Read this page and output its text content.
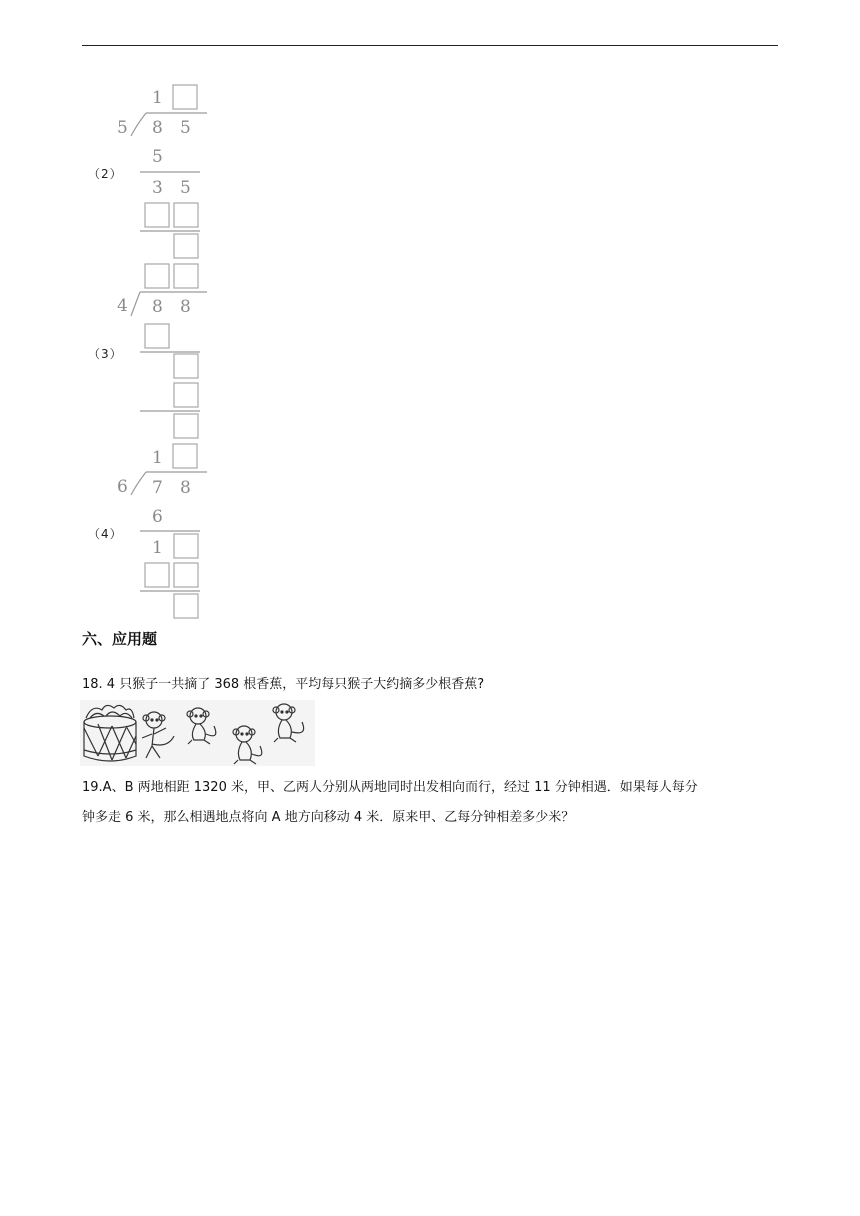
（2）
（3）
（4）
1
5 8 5
5
3 5
4 8 8
1
6 7 8
6
1
六、应用题
18. 4 只猴子一共摘了 368 根香蕉，平均每只猴子大约摘多少根香蕉?

19.A、B 两地相距 1320 米，甲、乙两人分别从两地同时出发相向而行，经过 11 分钟相遇．如果每人每分

钟多走 6 米，那么相遇地点将向 A 地方向移动 4 米．原来甲、乙每分钟相差多少米？
